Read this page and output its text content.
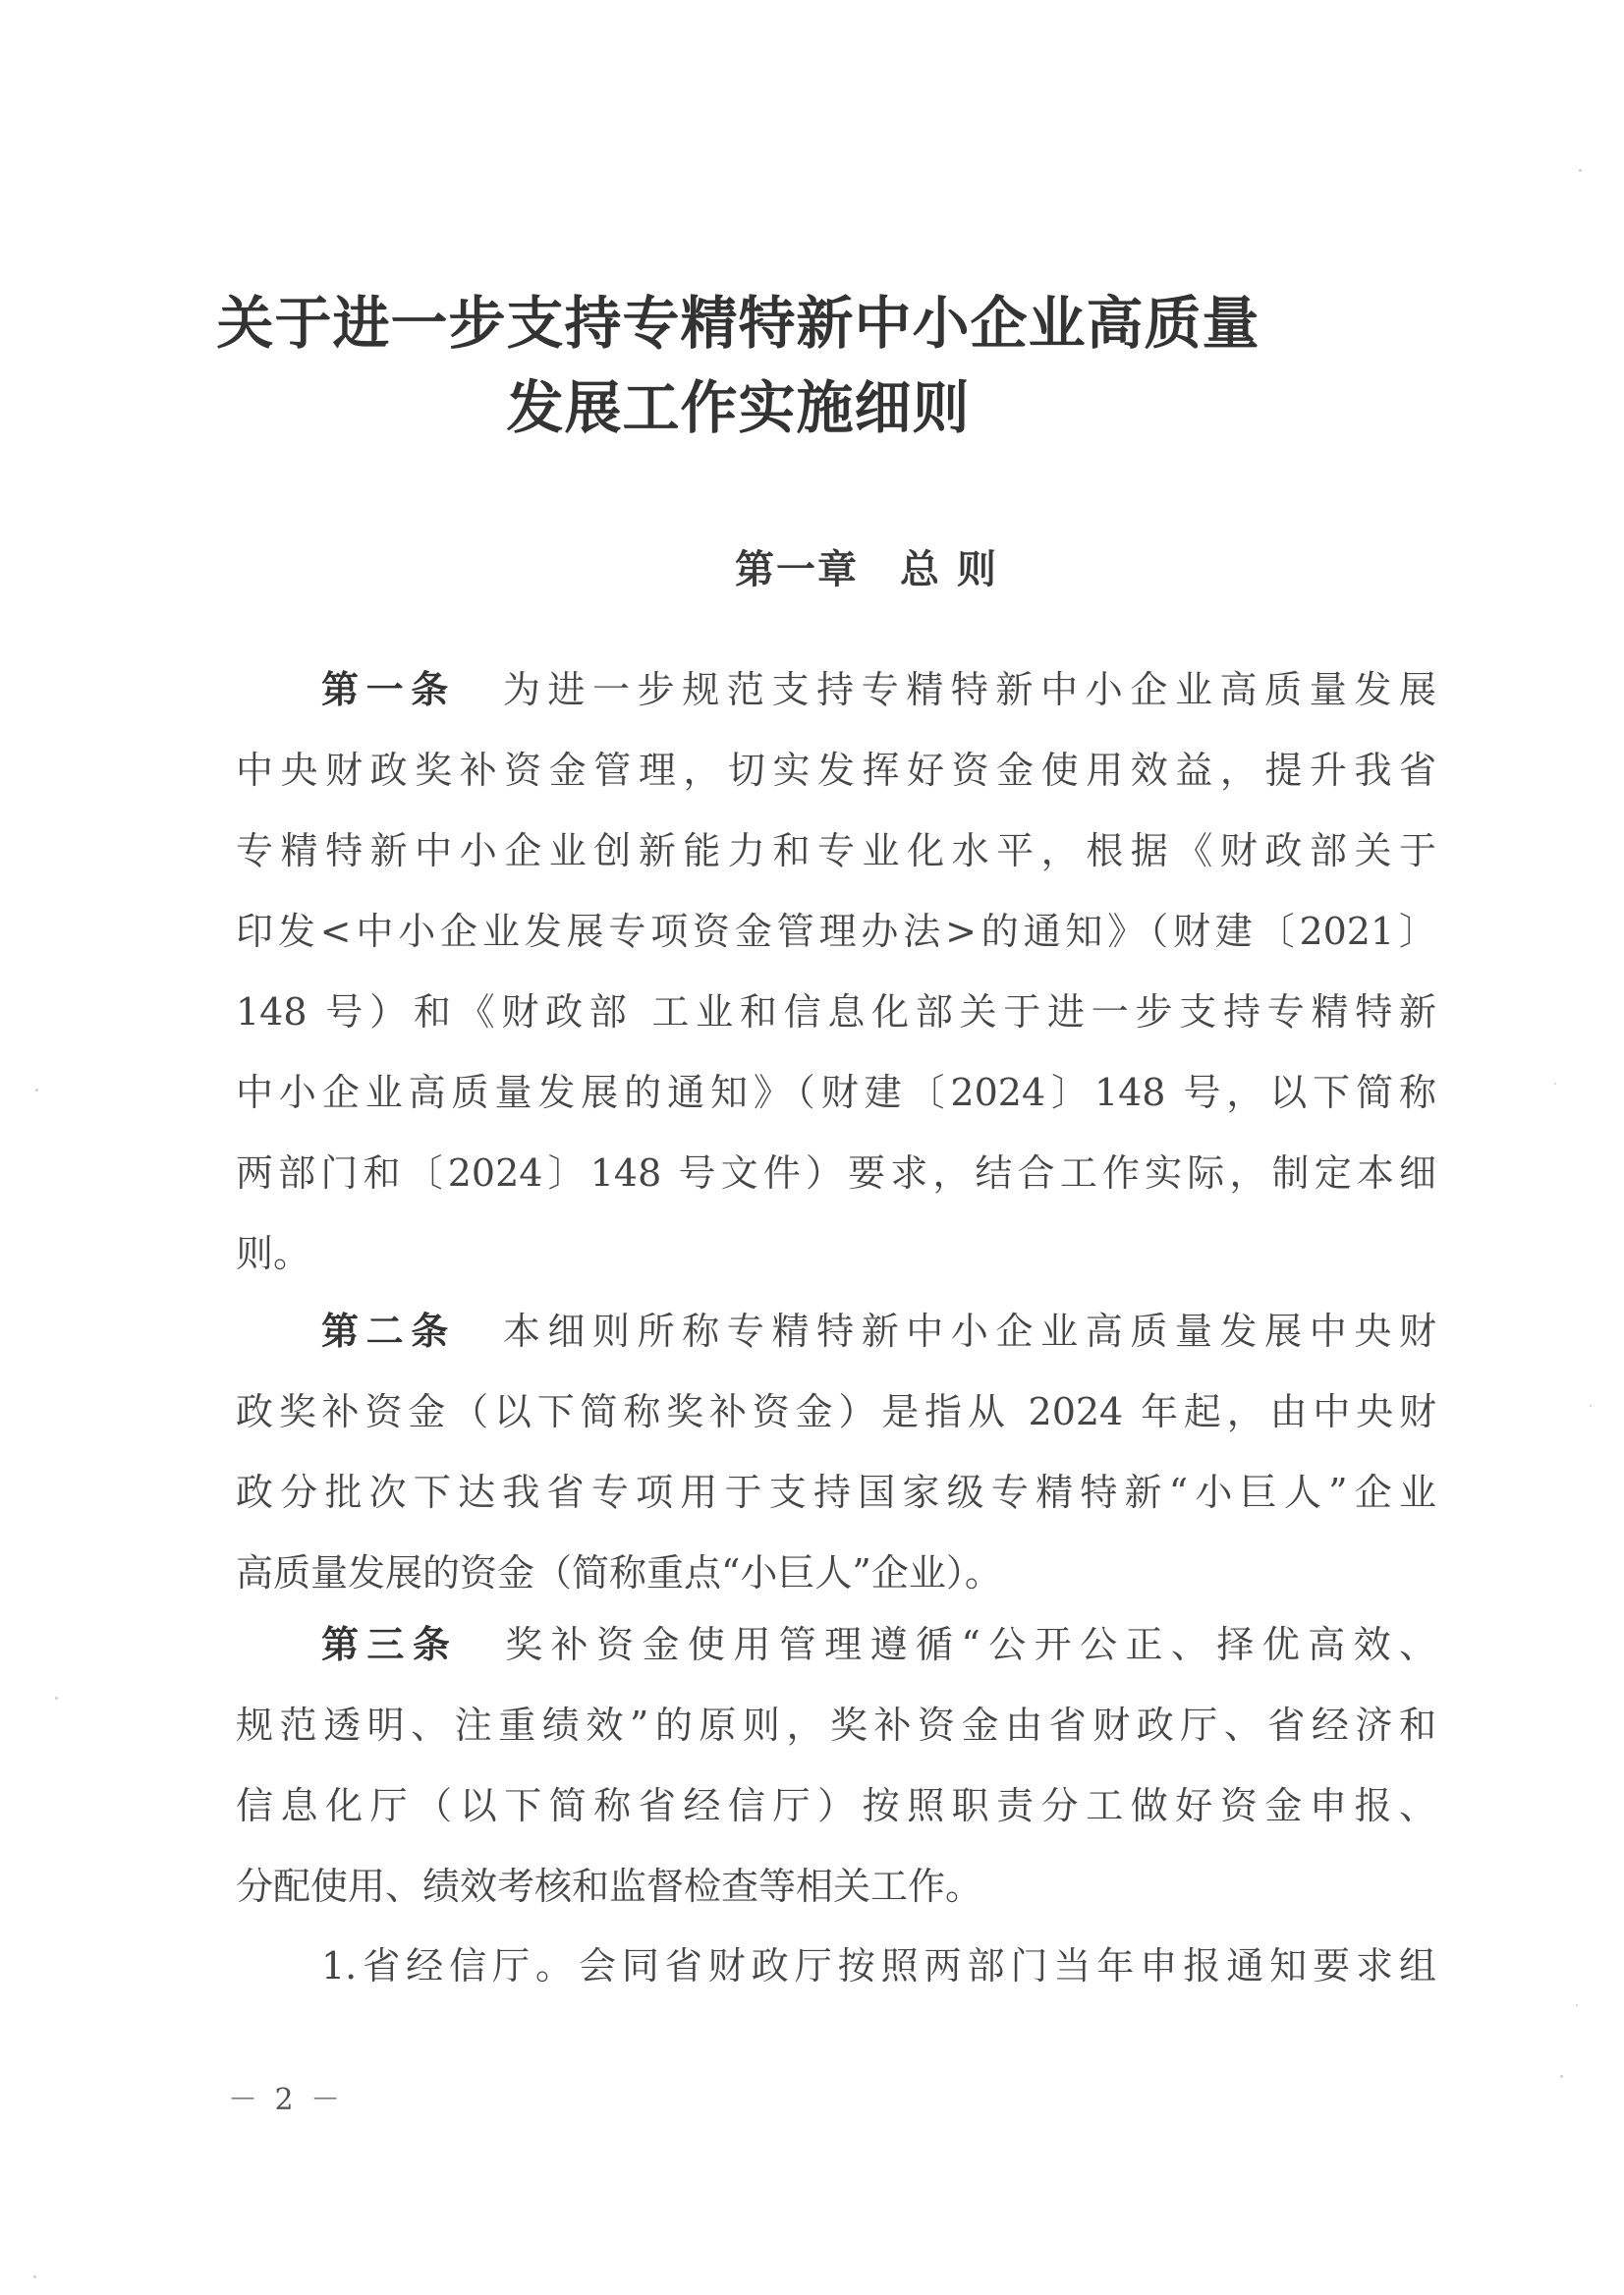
关于进一步支持专精特新中小企业高质量
发展工作实施细则
第一章　总 则
第一条 为进一步规范支持专精特新中小企业高质量发展
中央财政奖补资金管理，切实发挥好资金使用效益，提升我省
专精特新中小企业创新能力和专业化水平，根据《财政部关于
印发<中小企业发展专项资金管理办法>的通知》（财建〔2021〕
148 号）和《财政部 工业和信息化部关于进一步支持专精特新
中小企业高质量发展的通知》（财建〔2024〕148 号，以下简称
两部门和〔2024〕148 号文件）要求，结合工作实际，制定本细
则。
第二条 本细则所称专精特新中小企业高质量发展中央财
政奖补资金（以下简称奖补资金）是指从 2024 年起，由中央财
政分批次下达我省专项用于支持国家级专精特新“小巨人”企业
高质量发展的资金（简称重点“小巨人”企业）。
第三条 奖补资金使用管理遵循“公开公正、择优高效、
规范透明、注重绩效”的原则，奖补资金由省财政厅、省经济和
信息化厅（以下简称省经信厅）按照职责分工做好资金申报、
分配使用、绩效考核和监督检查等相关工作。
1.省经信厅。会同省财政厅按照两部门当年申报通知要求组
－ 2 －
